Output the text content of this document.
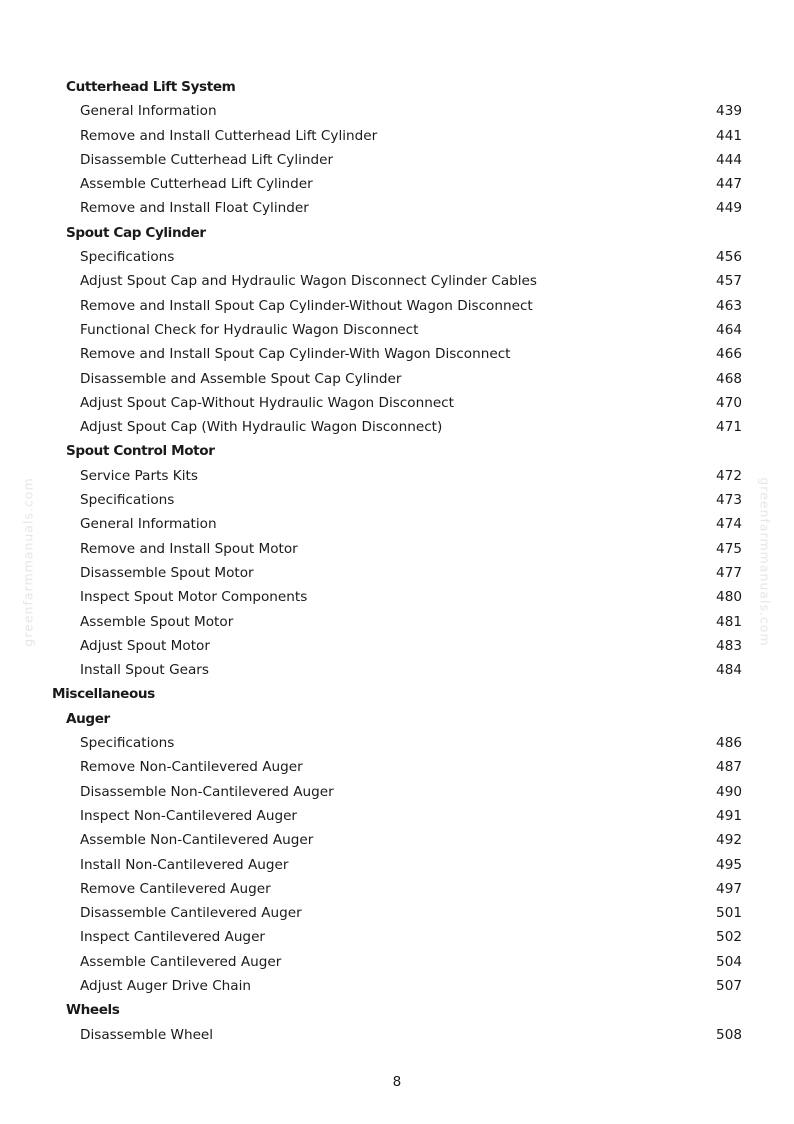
greenfarmmanuals.com	greenfarmmanuals.com
Cutterhead Lift System
General Information	439
Remove and Install Cutterhead Lift Cylinder	441
Disassemble Cutterhead Lift Cylinder	444
Assemble Cutterhead Lift Cylinder	447
Remove and Install Float Cylinder	449
Spout Cap Cylinder
Specifications	456
Adjust Spout Cap and Hydraulic Wagon Disconnect Cylinder Cables	457
Remove and Install Spout Cap Cylinder-Without Wagon Disconnect	463
Functional Check for Hydraulic Wagon Disconnect	464
Remove and Install Spout Cap Cylinder-With Wagon Disconnect	466
Disassemble and Assemble Spout Cap Cylinder	468
Adjust Spout Cap-Without Hydraulic Wagon Disconnect	470
Adjust Spout Cap (With Hydraulic Wagon Disconnect)	471
Spout Control Motor
Service Parts Kits	472
Specifications	473
General Information	474
Remove and Install Spout Motor	475
Disassemble Spout Motor	477
Inspect Spout Motor Components	480
Assemble Spout Motor	481
Adjust Spout Motor	483
Install Spout Gears	484
Miscellaneous
Auger
Specifications	486
Remove Non-Cantilevered Auger	487
Disassemble Non-Cantilevered Auger	490
Inspect Non-Cantilevered Auger	491
Assemble Non-Cantilevered Auger	492
Install Non-Cantilevered Auger	495
Remove Cantilevered Auger	497
Disassemble Cantilevered Auger	501
Inspect Cantilevered Auger	502
Assemble Cantilevered Auger	504
Adjust Auger Drive Chain	507
Wheels
Disassemble Wheel	508
8
